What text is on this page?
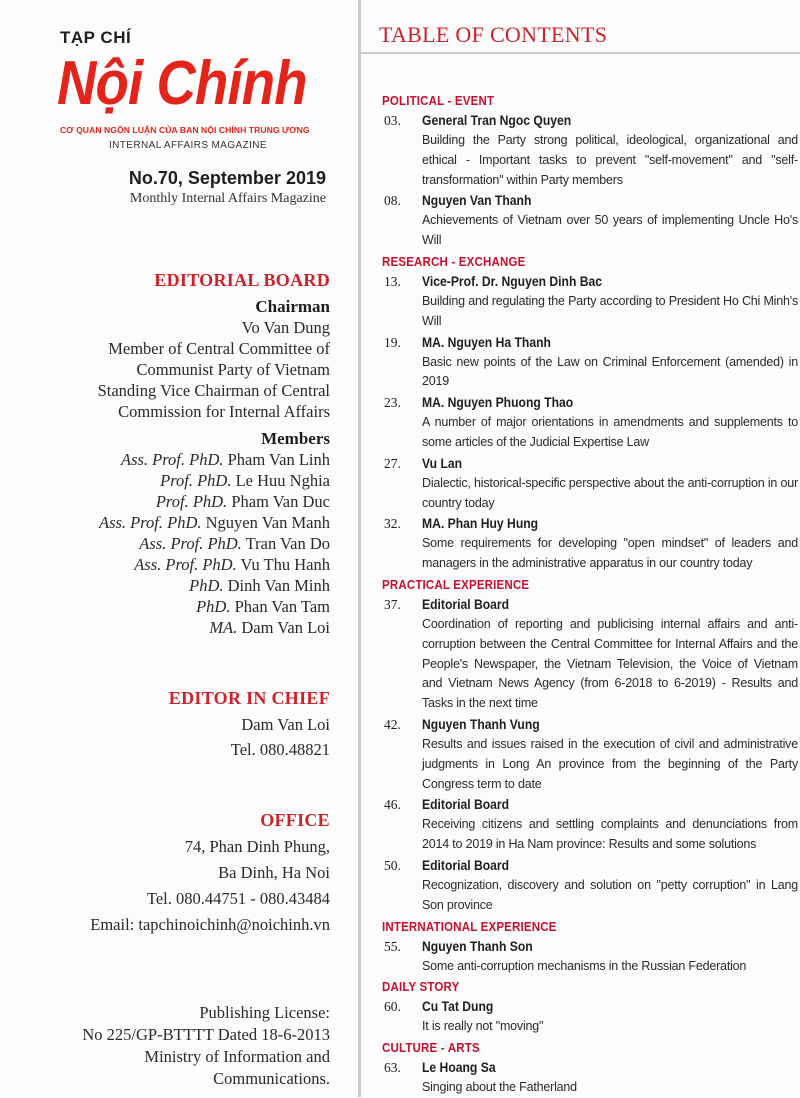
TẠP CHÍ
Nội Chính
CƠ QUAN NGÔN LUẬN CỦA BAN NỘI CHÍNH TRUNG ƯƠNG
INTERNAL AFFAIRS MAGAZINE
No.70, September 2019
Monthly Internal Affairs Magazine
EDITORIAL BOARD
Chairman
Vo Van Dung
Member of Central Committee of
Communist Party of Vietnam
Standing Vice Chairman of Central
Commission for Internal Affairs
Members
Ass. Prof. PhD. Pham Van Linh
Prof. PhD. Le Huu Nghia
Prof. PhD. Pham Van Duc
Ass. Prof. PhD. Nguyen Van Manh
Ass. Prof. PhD. Tran Van Do
Ass. Prof. PhD. Vu Thu Hanh
PhD. Dinh Van Minh
PhD. Phan Van Tam
MA. Dam Van Loi
EDITOR IN CHIEF
Dam Van Loi
Tel. 080.48821
OFFICE
74, Phan Dinh Phung,
Ba Dinh, Ha Noi
Tel. 080.44751 - 080.43484
Email: tapchinoichinh@noichinh.vn
Publishing License:
No 225/GP-BTTTT Dated 18-6-2013
Ministry of Information and
Communications.
TABLE OF CONTENTS
POLITICAL - EVENT
03. General Tran Ngoc Quyen
Building the Party strong political, ideological, organizational and ethical - Important tasks to prevent "self-movement" and "self-transformation" within Party members
08. Nguyen Van Thanh
Achievements of Vietnam over 50 years of implementing Uncle Ho's Will
RESEARCH - EXCHANGE
13. Vice-Prof. Dr. Nguyen Dinh Bac
Building and regulating the Party according to President Ho Chi Minh's Will
19. MA. Nguyen Ha Thanh
Basic new points of the Law on Criminal Enforcement (amended) in 2019
23. MA. Nguyen Phuong Thao
A number of major orientations in amendments and supplements to some articles of the Judicial Expertise Law
27. Vu Lan
Dialectic, historical-specific perspective about the anti-corruption in our country today
32. MA. Phan Huy Hung
Some requirements for developing "open mindset" of leaders and managers in the administrative apparatus in our country today
PRACTICAL EXPERIENCE
37. Editorial Board
Coordination of reporting and publicising internal affairs and anti-corruption between the Central Committee for Internal Affairs and the People's Newspaper, the Vietnam Television, the Voice of Vietnam and Vietnam News Agency (from 6-2018 to 6-2019) - Results and Tasks in the next time
42. Nguyen Thanh Vung
Results and issues raised in the execution of civil and administrative judgments in Long An province from the beginning of the Party Congress term to date
46. Editorial Board
Receiving citizens and settling complaints and denunciations from 2014 to 2019 in Ha Nam province: Results and some solutions
50. Editorial Board
Recognization, discovery and solution on "petty corruption" in Lang Son province
INTERNATIONAL EXPERIENCE
55. Nguyen Thanh Son
Some anti-corruption mechanisms in the Russian Federation
DAILY STORY
60. Cu Tat Dung
It is really not "moving"
CULTURE - ARTS
63. Le Hoang Sa
Singing about the Fatherland
